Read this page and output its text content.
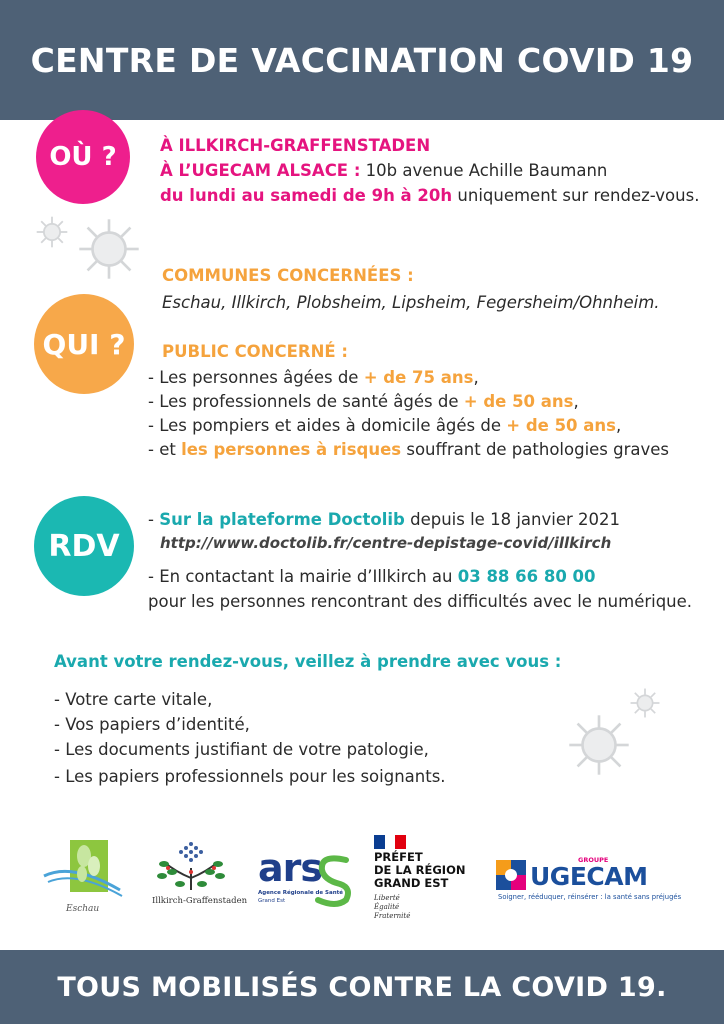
CENTRE DE VACCINATION COVID 19
OÙ ?	À ILLKIRCH-GRAFFENSTADEN
À L’UGECAM ALSACE : 10b avenue Achille Baumann
du lundi au samedi de 9h à 20h uniquement sur rendez-vous.
QUI ?
COMMUNES CONCERNÉES :
Eschau, Illkirch, Plobsheim, Lipsheim, Fegersheim/Ohnheim.
PUBLIC CONCERNÉ :
- Les personnes âgées de + de 75 ans,
- Les professionnels de santé âgés de + de 50 ans,
- Les pompiers et aides à domicile âgés de + de 50 ans,
- et les personnes à risques souffrant de pathologies graves
RDV
- Sur la plateforme Doctolib depuis le 18 janvier 2021
http://www.doctolib.fr/centre-depistage-covid/illkirch
- En contactant la mairie d’Illkirch au 03 88 66 80 00
pour les personnes rencontrant des difficultés avec le numérique.
Avant votre rendez-vous, veillez à prendre avec vous :
- Votre carte vitale,
- Vos papiers d’identité,
- Les documents justifiant de votre patologie,
- Les papiers professionnels pour les soignants.
Eschau
Illkirch-Graffenstaden
ars
Agence Régionale de Santé
Grand Est
PRÉFET
DE LA RÉGION
GRAND EST
Liberté
Égalité
Fraternité
GROUPE
UGECAM
Soigner, rééduquer, réinsérer : la santé sans préjugés
TOUS MOBILISÉS CONTRE LA COVID 19.
